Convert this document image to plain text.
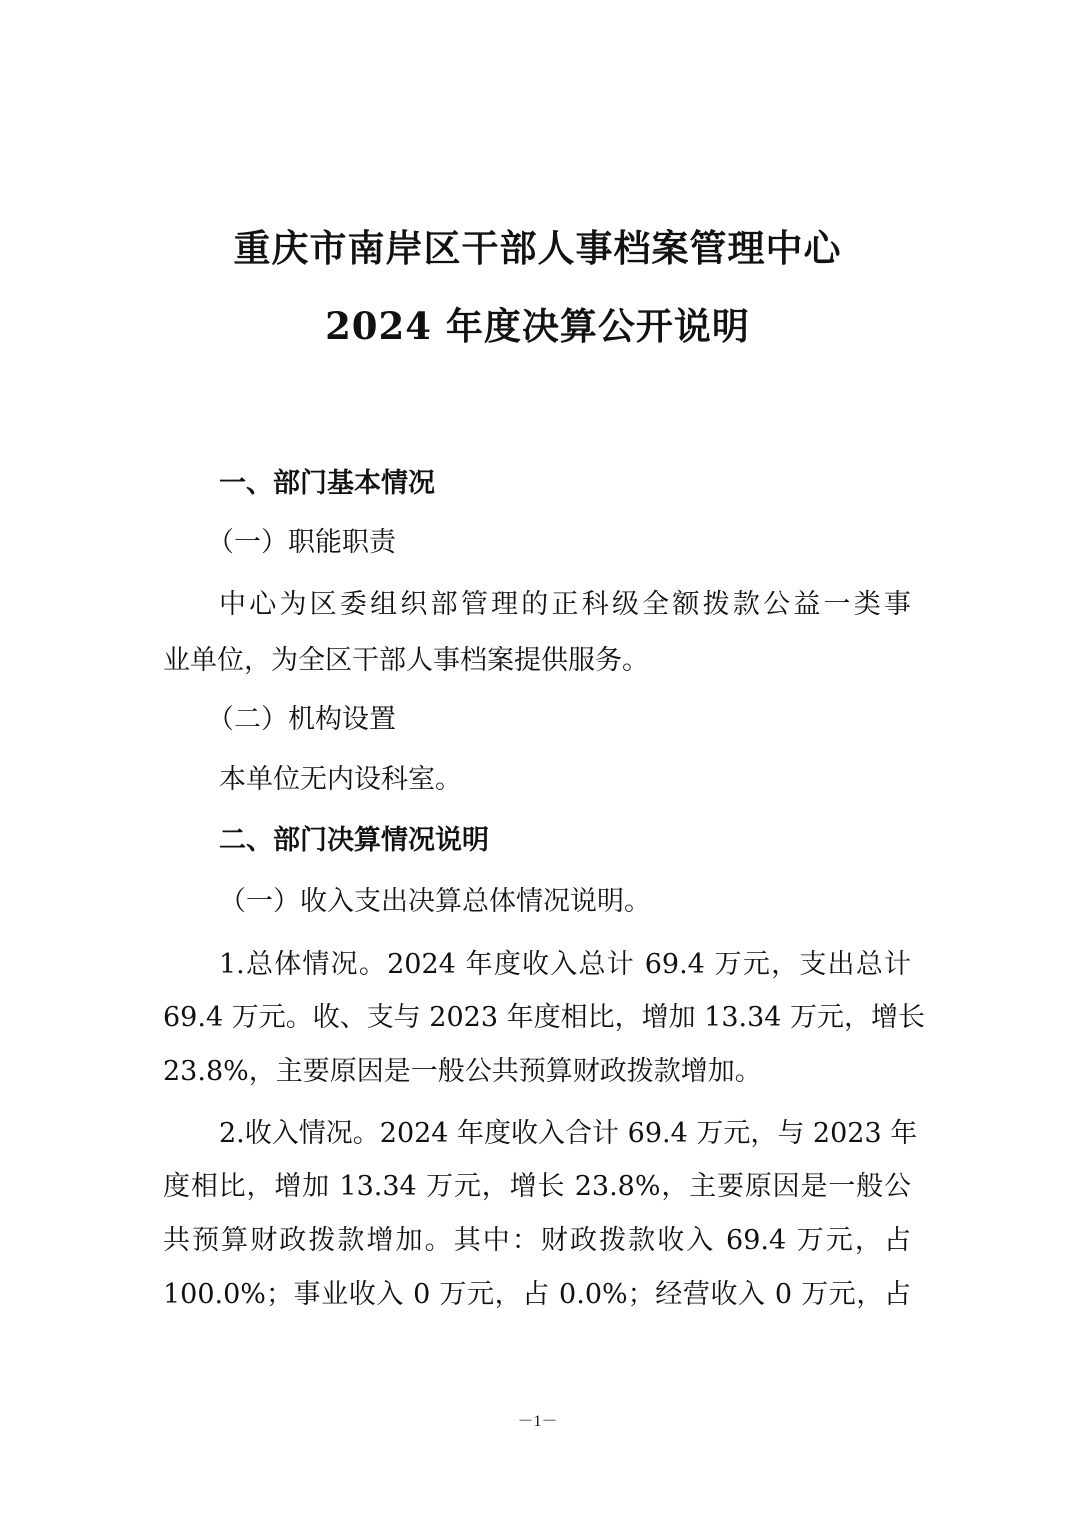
重庆市南岸区干部人事档案管理中心
2024 年度决算公开说明
一、部门基本情况
（一）职能职责
中心为区委组织部管理的正科级全额拨款公益一类事
业单位，为全区干部人事档案提供服务。
（二）机构设置
本单位无内设科室。
二、部门决算情况说明
（一）收入支出决算总体情况说明。
1.总体情况。2024 年度收入总计 69.4 万元，支出总计
69.4 万元。收、支与 2023 年度相比，增加 13.34 万元，增长
23.8%，主要原因是一般公共预算财政拨款增加。
2.收入情况。2024 年度收入合计 69.4 万元，与 2023 年
度相比，增加 13.34 万元，增长 23.8%，主要原因是一般公
共预算财政拨款增加。其中：财政拨款收入 69.4 万元，占
100.0%；事业收入 0 万元，占 0.0%；经营收入 0 万元，占
－1－
